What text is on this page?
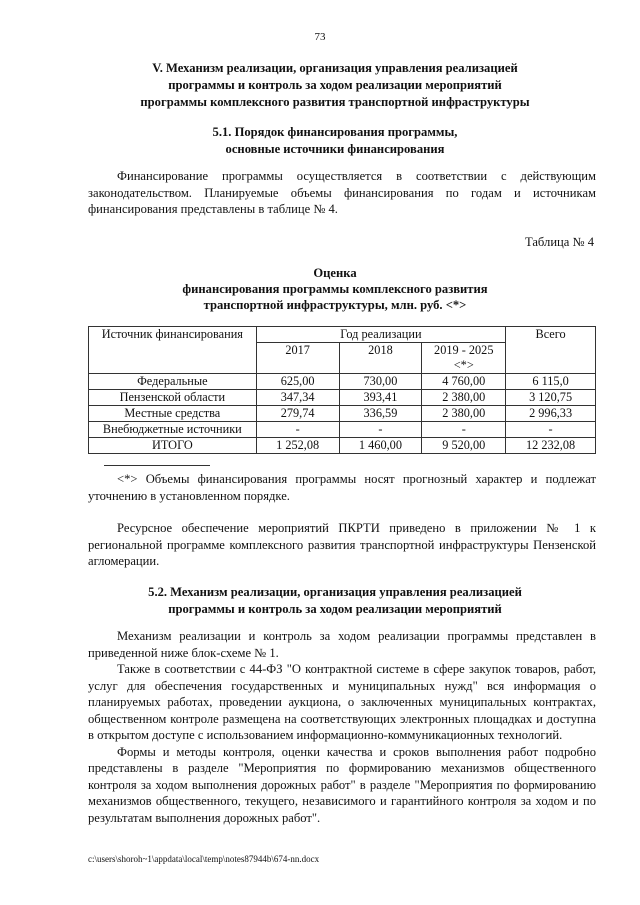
73
V. Механизм реализации, организация управления реализацией
программы и контроль за ходом реализации мероприятий
программы комплексного развития транспортной инфраструктуры
5.1. Порядок финансирования программы,
основные источники финансирования

Финансирование программы осуществляется в соответствии с действующим законодательством. Планируемые объемы финансирования по годам и источникам финансирования представлены в таблице № 4.

Таблица № 4
Оценка
финансирования программы комплексного развития
транспортной инфраструктуры, млн. руб. <*>
Источник финансирования	Год реализации			Всего
	2017	2018	2019 - 2025 <*>	
Федеральные	625,00	730,00	4 760,00	6 115,0
Пензенской области	347,34	393,41	2 380,00	3 120,75
Местные средства	279,74	336,59	2 380,00	2 996,33
Внебюджетные источники	-	-	-	-
ИТОГО	1 252,08	1 460,00	9 520,00	12 232,08

<*> Объемы финансирования программы носят прогнозный характер и подлежат уточнению в установленном порядке.

Ресурсное обеспечение мероприятий ПКРТИ приведено в приложении № 1 к региональной программе комплексного развития транспортной инфраструктуры Пензенской агломерации.

5.2. Механизм реализации, организация управления реализацией
программы и контроль за ходом реализации мероприятий

Механизм реализации и контроль за ходом реализации программы представлен в приведенной ниже блок-схеме № 1.

Также в соответствии с 44-ФЗ "О контрактной системе в сфере закупок товаров, работ, услуг для обеспечения государственных и муниципальных нужд" вся информация о планируемых работах, проведении аукциона, о заключенных муниципальных контрактах, общественном контроле размещена на соответствующих электронных площадках и доступна в открытом доступе с использованием информационно-коммуникационных технологий.

Формы и методы контроля, оценки качества и сроков выполнения работ подробно представлены в разделе "Мероприятия по формированию механизмов общественного контроля за ходом выполнения дорожных работ" в разделе "Мероприятия по формированию механизмов общественного, текущего, независимого и гарантийного контроля за ходом и по результатам выполнения дорожных работ".

c:\users\shoroh~1\appdata\local\temp\notes87944b\674-nn.docx
